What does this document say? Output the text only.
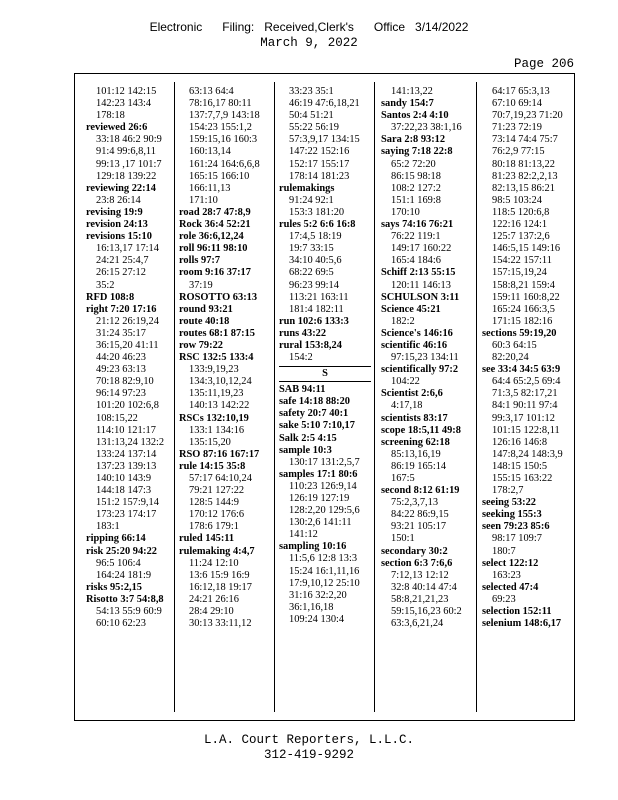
Electronic      Filing:   Received,Clerk's      Office   3/14/2022
March 9, 2022
Page 206
101:12 142:15
142:23 143:4
178:18
reviewed 26:6
33:18 46:2 90:9
91:4 99:6,8,11
99:13 ,17 101:7
129:18 139:22
reviewing 22:14
23:8 26:14
revising 19:9
revision 24:13
revisions 15:10
16:13,17 17:14
24:21 25:4,7
26:15 27:12
35:2
RFD 108:8
right 7:20 17:16
21:12 26:19,24
31:24 35:17
36:15,20 41:11
44:20 46:23
49:23 63:13
70:18 82:9,10
96:14 97:23
101:20 102:6,8
108:15,22
114:10 121:17
131:13,24 132:2
133:24 137:14
137:23 139:13
140:10 143:9
144:18 147:3
151:2 157:9,14
173:23 174:17
183:1
ripping 66:14
risk 25:20 94:22
96:5 106:4
164:24 181:9
risks 95:2,15
Risotto 3:7 54:8,8
54:13 55:9 60:9
60:10 62:23
63:13 64:4
78:16,17 80:11
137:7,7,9 143:18
154:23 155:1,2
159:15,16 160:3
160:13,14
161:24 164:6,6,8
165:15 166:10
166:11,13
171:10
road 28:7 47:8,9
Rock 36:4 52:21
role 36:6,12,24
roll 96:11 98:10
rolls 97:7
room 9:16 37:17
37:19
ROSOTTO 63:13
round 93:21
route 40:18
routes 68:1 87:15
row 79:22
RSC 132:5 133:4
133:9,19,23
134:3,10,12,24
135:11,19,23
140:13 142:22
RSCs 132:10,19
133:1 134:16
135:15,20
RSO 87:16 167:17
rule 14:15 35:8
57:17 64:10,24
79:21 127:22
128:5 144:9
170:12 176:6
178:6 179:1
ruled 145:11
rulemaking 4:4,7
11:24 12:10
13:6 15:9 16:9
16:12,18 19:17
24:21 26:16
28:4 29:10
30:13 33:11,12
33:23 35:1
46:19 47:6,18,21
50:4 51:21
55:22 56:19
57:3,9,17 134:15
147:22 152:16
152:17 155:17
178:14 181:23
rulemakings
91:24 92:1
153:3 181:20
rules 5:2 6:6 16:8
17:4,5 18:19
19:7 33:15
34:10 40:5,6
68:22 69:5
96:23 99:14
113:21 163:11
181:4 182:11
run 102:6 133:3
runs 43:22
rural 153:8,24
154:2
S
SAB 94:11
safe 14:18 88:20
safety 20:7 40:1
sake 5:10 7:10,17
Salk 2:5 4:15
sample 10:3
130:17 131:2,5,7
samples 17:1 80:6
110:23 126:9,14
126:19 127:19
128:2,20 129:5,6
130:2,6 141:11
141:12
sampling 10:16
11:5,6 12:8 13:3
15:24 16:1,11,16
17:9,10,12 25:10
31:16 32:2,20
36:1,16,18
109:24 130:4
141:13,22
sandy 154:7
Santos 2:4 4:10
37:22,23 38:1,16
Sara 2:8 93:12
saying 7:18 22:8
65:2 72:20
86:15 98:18
108:2 127:2
151:1 169:8
170:10
says 74:16 76:21
76:22 119:1
149:17 160:22
165:4 184:6
Schiff 2:13 55:15
120:11 146:13
SCHULSON 3:11
Science 45:21
182:2
Science's 146:16
scientific 46:16
97:15,23 134:11
scientifically 97:2
104:22
Scientist 2:6,6
4:17,18
scientists 83:17
scope 18:5,11 49:8
screening 62:18
85:13,16,19
86:19 165:14
167:5
second 8:12 61:19
75:2,3,7,13
84:22 86:9,15
93:21 105:17
150:1
secondary 30:2
section 6:3 7:6,6
7:12,13 12:12
32:8 40:14 47:4
58:8,21,21,23
59:15,16,23 60:2
63:3,6,21,24
64:17 65:3,13
67:10 69:14
70:7,19,23 71:20
71:23 72:19
73:14 74:4 75:7
76:2,9 77:15
80:18 81:13,22
81:23 82:2,2,13
82:13,15 86:21
98:5 103:24
118:5 120:6,8
122:16 124:1
125:7 137:2,6
146:5,15 149:16
154:22 157:11
157:15,19,24
158:8,21 159:4
159:11 160:8,22
165:24 166:3,5
171:15 182:16
sections 59:19,20
60:3 64:15
82:20,24
see 33:4 34:5 63:9
64:4 65:2,5 69:4
71:3,5 82:17,21
84:1 90:11 97:4
99:3,17 101:12
101:15 122:8,11
126:16 146:8
147:8,24 148:3,9
148:15 150:5
155:15 163:22
178:2,7
seeing 53:22
seeking 155:3
seen 79:23 85:6
98:17 109:7
180:7
select 122:12
163:23
selected 47:4
69:23
selection 152:11
selenium 148:6,17
L.A. Court Reporters, L.L.C.
312-419-9292
